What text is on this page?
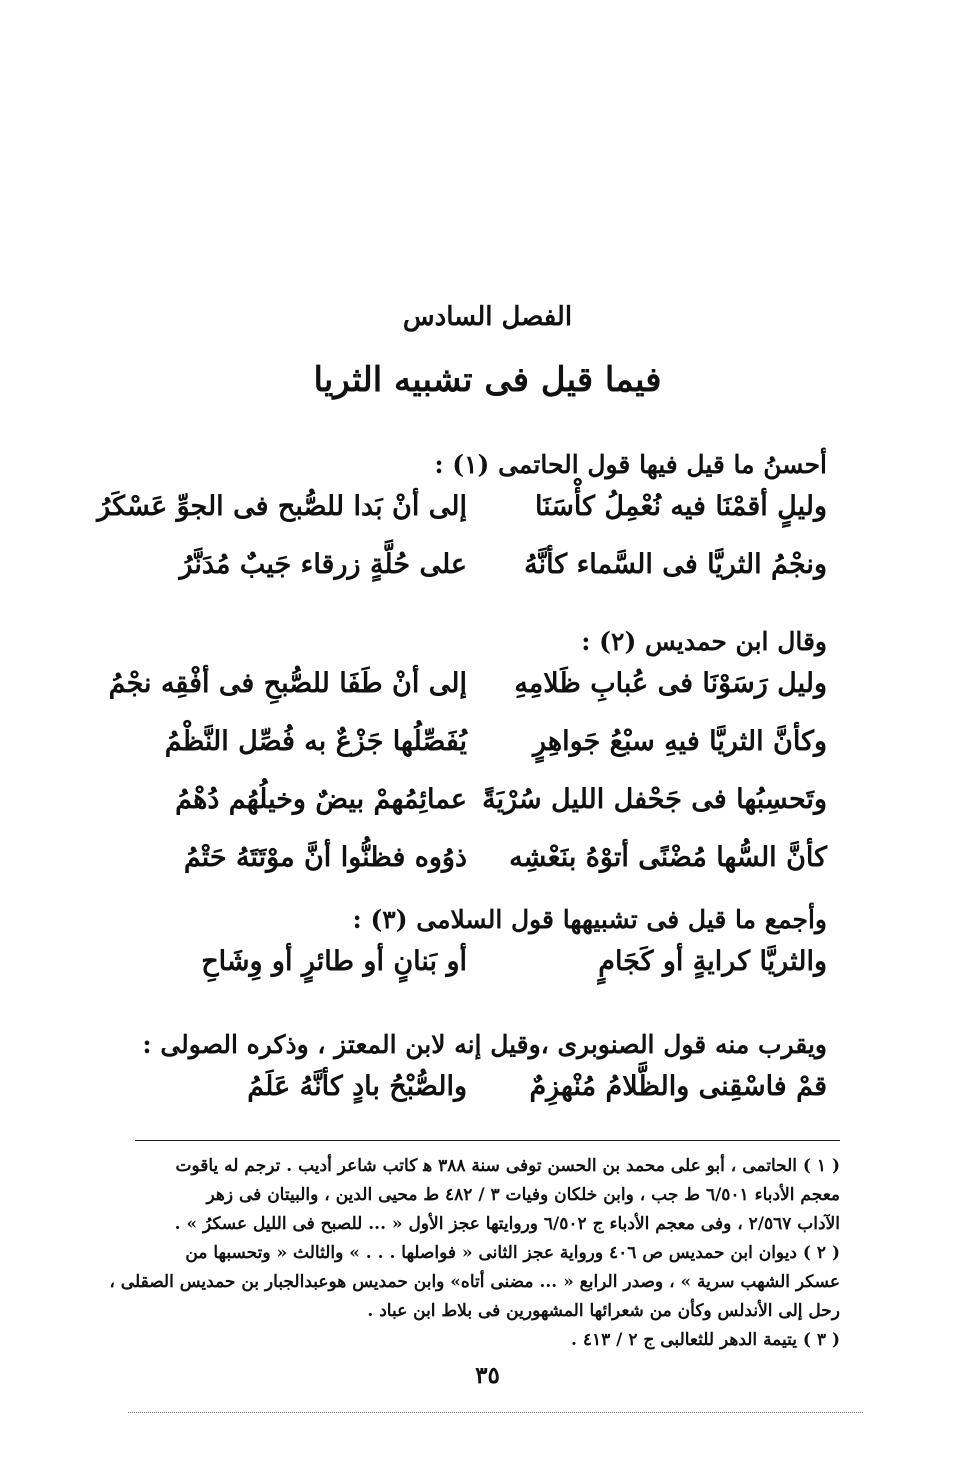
الفصل السادس
فيما قيل فى تشبيه الثريا
أحسنُ ما قيل فيها قول الحاتمى (١) :
وليلٍ أقمْنَا فيه نُعْمِلُ كأْسَنَا
إلى أنْ بَدا للصُّبح فى الجوِّ عَسْكَرُ
ونجْمُ الثريَّا فى السَّماء كأنَّهُ
على حُلَّةٍ زرقاء جَيبٌ مُدَنَّرُ
وقال ابن حمديس (٢) :
وليل رَسَوْنَا فى عُبابِ ظَلامِهِ
إلى أنْ طَفَا للصُّبحِ فى أفْقِه نجْمُ
وكأنَّ الثريَّا فيهِ سبْعُ جَواهِرٍ
يُفَصِّلُها جَزْعٌ به فُصِّل النَّظْمُ
وتَحسِبُها فى جَحْفل الليل سُرْيَةً
عمائِمُهمْ بيضٌ وخيلُهُم دُهْمُ
كأنَّ السُّها مُضْنًى أتوْهُ بنَعْشِه
ذوُوه فظنُّوا أنَّ موْتَتَهُ حَتْمُ
وأجمع ما قيل فى تشبيهها قول السلامى (٣) :
والثريَّا كرايةٍ أو كَجَامٍ
أو بَنانٍ أو طائرٍ أو وِشَاحِ
ويقرب منه قول الصنوبرى ،وقيل إنه لابن المعتز ، وذكره الصولى :
قمْ فاسْقِنى والظَّلامُ مُنْهزِمٌ
والصُّبْحُ بادٍ كأنَّهُ عَلَمُ

( ١ ) الحاتمى ، أبو على محمد بن الحسن توفى سنة ٣٨٨ ﻫ كاتب شاعر أديب . ترجم له ياقوت

معجم الأدباء ٦/٥٠١ ط جب ، وابن خلكان وفيات ٣ / ٤٨٢ ط محيى الدين ، والبيتان فى زهر

الآداب ٢/٥٦٧ ، وفى معجم الأدباء ج ٦/٥٠٢ وروايتها عجز الأول « ... للصبح فى الليل عسكرُ » .

( ٢ ) ديوان ابن حمديس ص ٤٠٦ ورواية عجز الثانى « فواصلها . . . » والثالث « وتحسبها من

عسكر الشهب سرية » ، وصدر الرابع « ... مضنى أتاه» وابن حمديس هوعبدالجبار بن حمديس الصقلى ،

رحل إلى الأندلس وكأن من شعرائها المشهورين فى بلاط ابن عباد .

( ٣ ) يتيمة الدهر للثعالبى ج ٢ / ٤١٣ .

٣٥
